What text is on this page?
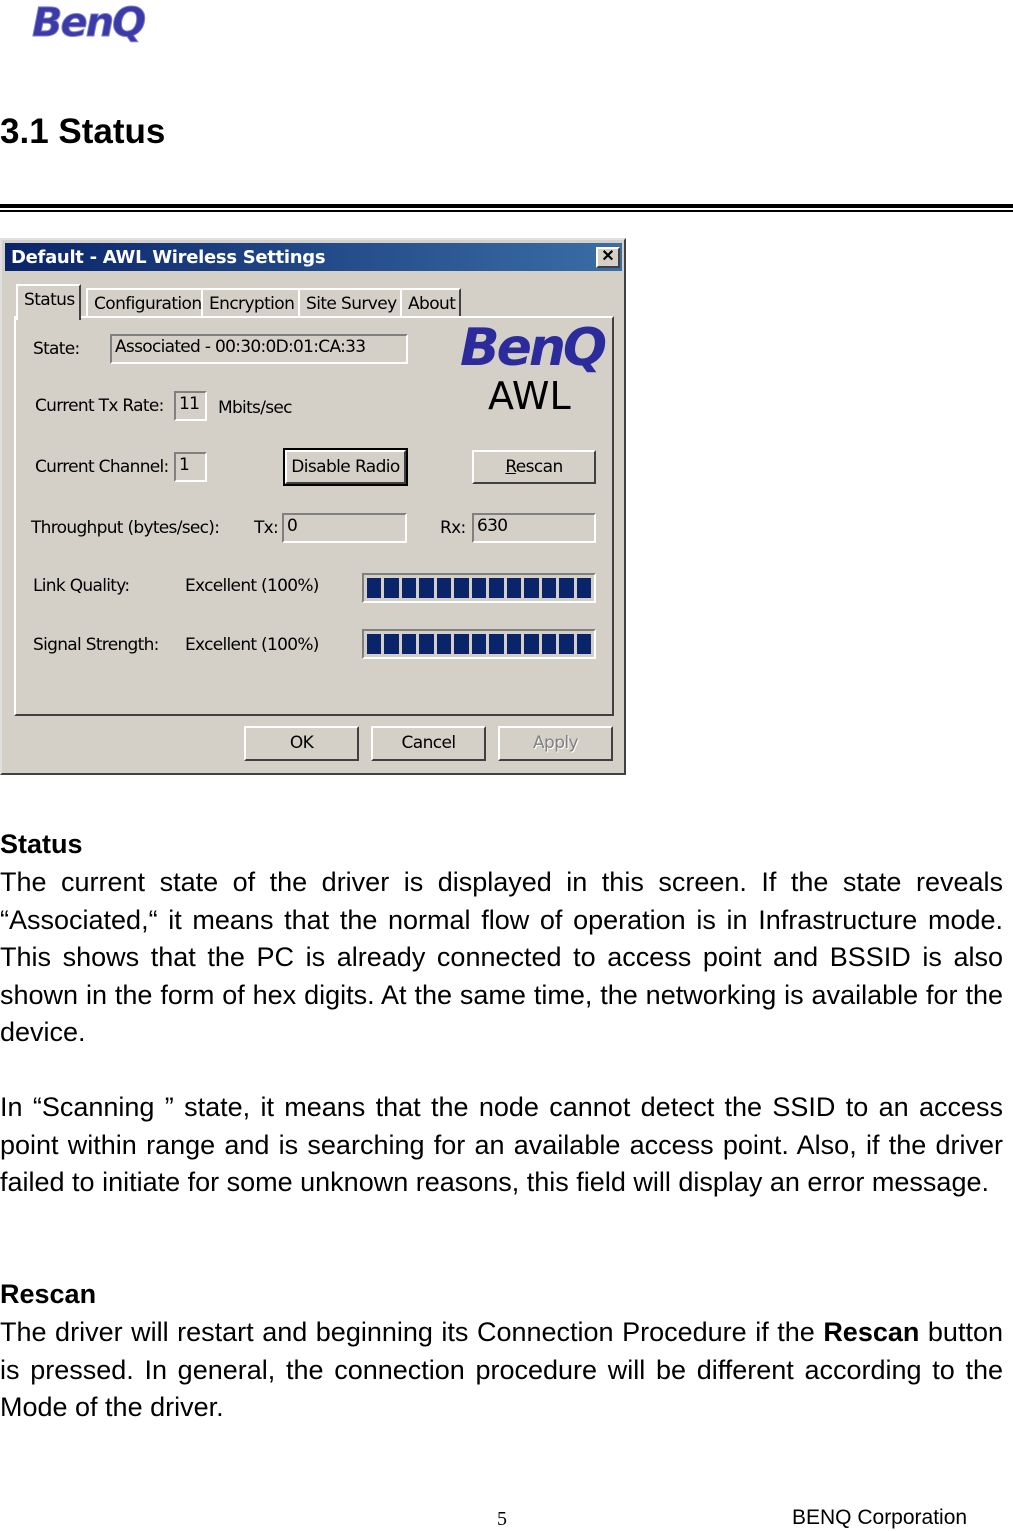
BenQ
3.1 Status
Default - AWL Wireless Settings	✕
Status	Configuration Encryption Site Survey About
State: Associated - 00:30:0D:01:CA:33	BenQ
AWL
Current Tx Rate: 11	Mbits/sec
Current Channel: 1	Disable Radio	Rescan
Throughput (bytes/sec): Tx: 0	Rx: 630
Link Quality:	Excellent (100%)
Signal Strength: Excellent (100%)
OK	Cancel	Apply
Status

The current state of the driver is displayed in this screen. If the state reveals “Associated,“ it means that the normal flow of operation is in Infrastructure mode. This shows that the PC is already connected to access point and BSSID is also shown in the form of hex digits. At the same time, the networking is available for the device.

In “Scanning ” state, it means that the node cannot detect the SSID to an access point within range and is searching for an available access point. Also, if the driver failed to initiate for some unknown reasons, this field will display an error message.

Rescan

The driver will restart and beginning its Connection Procedure if the Rescan button is pressed. In general, the connection procedure will be different according to the Mode of the driver.

5	BENQ Corporation
